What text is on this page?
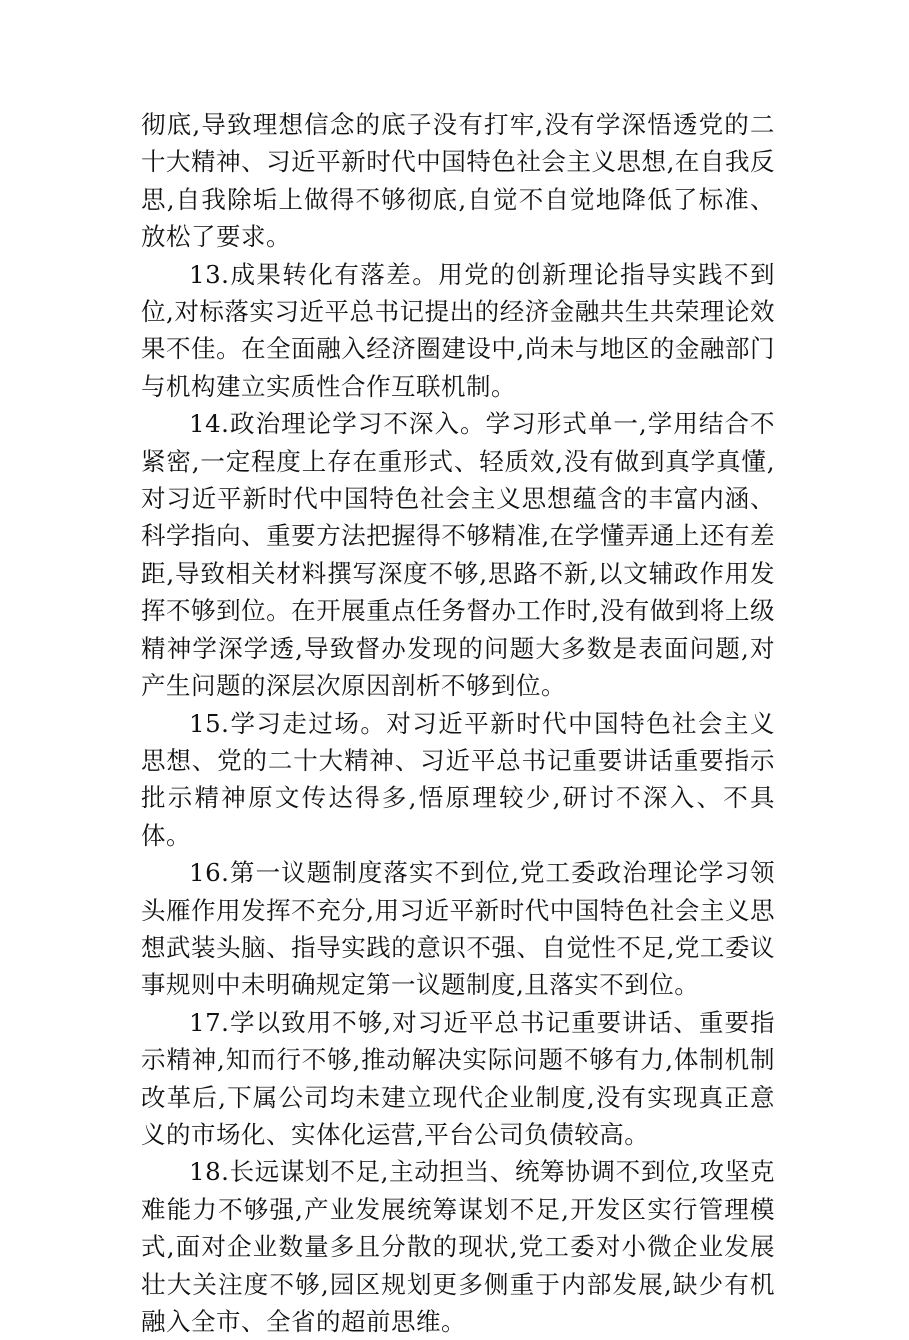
彻底,导致理想信念的底子没有打牢,没有学深悟透党的二十大精神、习近平新时代中国特色社会主义思想,在自我反思,自我除垢上做得不够彻底,自觉不自觉地降低了标准、放松了要求。

13.成果转化有落差。用党的创新理论指导实践不到位,对标落实习近平总书记提出的经济金融共生共荣理论效果不佳。在全面融入经济圈建设中,尚未与地区的金融部门与机构建立实质性合作互联机制。

14.政治理论学习不深入。学习形式单一,学用结合不紧密,一定程度上存在重形式、轻质效,没有做到真学真懂,对习近平新时代中国特色社会主义思想蕴含的丰富内涵、科学指向、重要方法把握得不够精准,在学懂弄通上还有差距,导致相关材料撰写深度不够,思路不新,以文辅政作用发挥不够到位。在开展重点任务督办工作时,没有做到将上级精神学深学透,导致督办发现的问题大多数是表面问题,对产生问题的深层次原因剖析不够到位。

15.学习走过场。对习近平新时代中国特色社会主义思想、党的二十大精神、习近平总书记重要讲话重要指示批示精神原文传达得多,悟原理较少,研讨不深入、不具体。

16.第一议题制度落实不到位,党工委政治理论学习领头雁作用发挥不充分,用习近平新时代中国特色社会主义思想武装头脑、指导实践的意识不强、自觉性不足,党工委议事规则中未明确规定第一议题制度,且落实不到位。

17.学以致用不够,对习近平总书记重要讲话、重要指示精神,知而行不够,推动解决实际问题不够有力,体制机制改革后,下属公司均未建立现代企业制度,没有实现真正意义的市场化、实体化运营,平台公司负债较高。

18.长远谋划不足,主动担当、统筹协调不到位,攻坚克难能力不够强,产业发展统筹谋划不足,开发区实行管理模式,面对企业数量多且分散的现状,党工委对小微企业发展壮大关注度不够,园区规划更多侧重于内部发展,缺少有机融入全市、全省的超前思维。
